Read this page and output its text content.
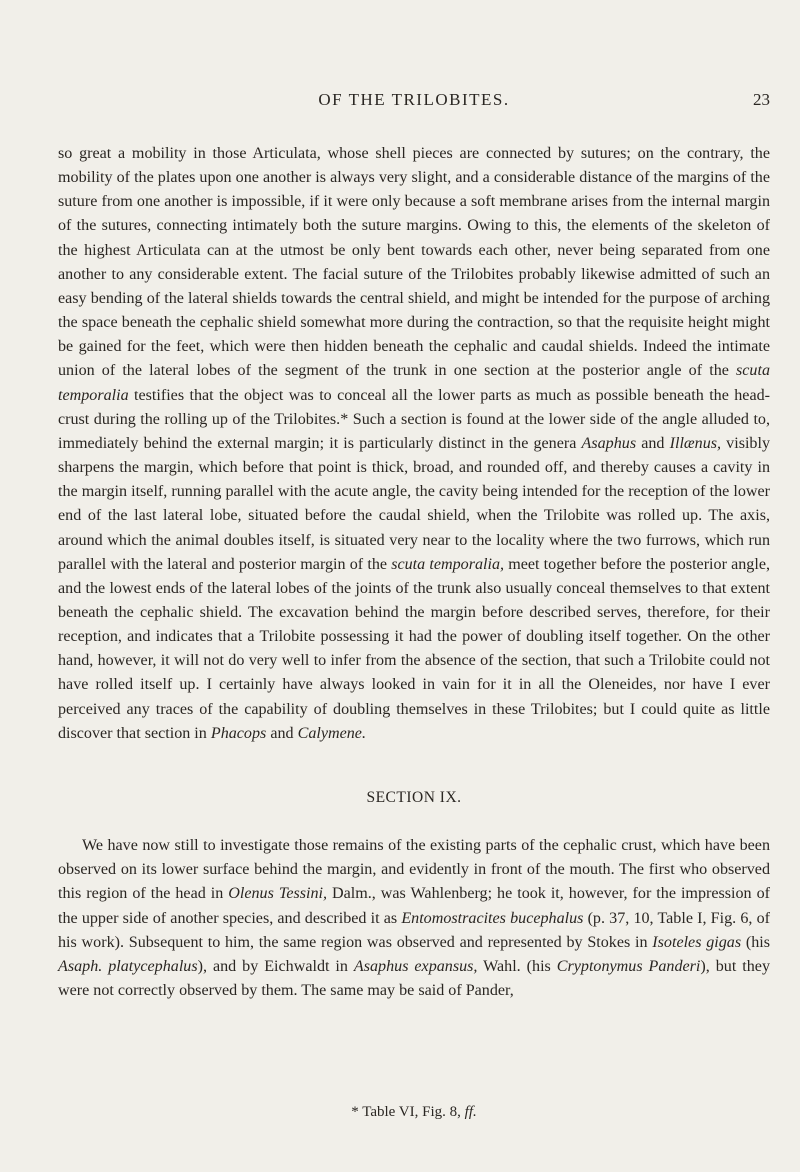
OF THE TRILOBITES.	23

so great a mobility in those Articulata, whose shell pieces are connected by sutures; on the contrary, the mobility of the plates upon one another is always very slight, and a considerable distance of the margins of the suture from one another is impossible, if it were only because a soft membrane arises from the internal margin of the sutures, connecting intimately both the suture margins. Owing to this, the elements of the skeleton of the highest Articulata can at the utmost be only bent towards each other, never being separated from one another to any considerable extent. The facial suture of the Trilobites probably likewise admitted of such an easy bending of the lateral shields towards the central shield, and might be intended for the purpose of arching the space beneath the cephalic shield somewhat more during the contraction, so that the requisite height might be gained for the feet, which were then hidden beneath the cephalic and caudal shields. Indeed the intimate union of the lateral lobes of the segment of the trunk in one section at the posterior angle of the scuta temporalia testifies that the object was to conceal all the lower parts as much as possible beneath the head-crust during the rolling up of the Trilobites.* Such a section is found at the lower side of the angle alluded to, immediately behind the external margin; it is particularly distinct in the genera Asaphus and Illænus, visibly sharpens the margin, which before that point is thick, broad, and rounded off, and thereby causes a cavity in the margin itself, running parallel with the acute angle, the cavity being intended for the reception of the lower end of the last lateral lobe, situated before the caudal shield, when the Trilobite was rolled up. The axis, around which the animal doubles itself, is situated very near to the locality where the two furrows, which run parallel with the lateral and posterior margin of the scuta temporalia, meet together before the posterior angle, and the lowest ends of the lateral lobes of the joints of the trunk also usually conceal themselves to that extent beneath the cephalic shield. The excavation behind the margin before described serves, therefore, for their reception, and indicates that a Trilobite possessing it had the power of doubling itself together. On the other hand, however, it will not do very well to infer from the absence of the section, that such a Trilobite could not have rolled itself up. I certainly have always looked in vain for it in all the Oleneides, nor have I ever perceived any traces of the capability of doubling themselves in these Trilobites; but I could quite as little discover that section in Phacops and Calymene.

SECTION IX.

We have now still to investigate those remains of the existing parts of the cephalic crust, which have been observed on its lower surface behind the margin, and evidently in front of the mouth. The first who observed this region of the head in Olenus Tessini, Dalm., was Wahlenberg; he took it, however, for the impression of the upper side of another species, and described it as Entomostracites bucephalus (p. 37, 10, Table I, Fig. 6, of his work). Subsequent to him, the same region was observed and represented by Stokes in Isoteles gigas (his Asaph. platycephalus), and by Eichwaldt in Asaphus expansus, Wahl. (his Cryptonymus Panderi), but they were not correctly observed by them. The same may be said of Pander,

* Table VI, Fig. 8, ff.
